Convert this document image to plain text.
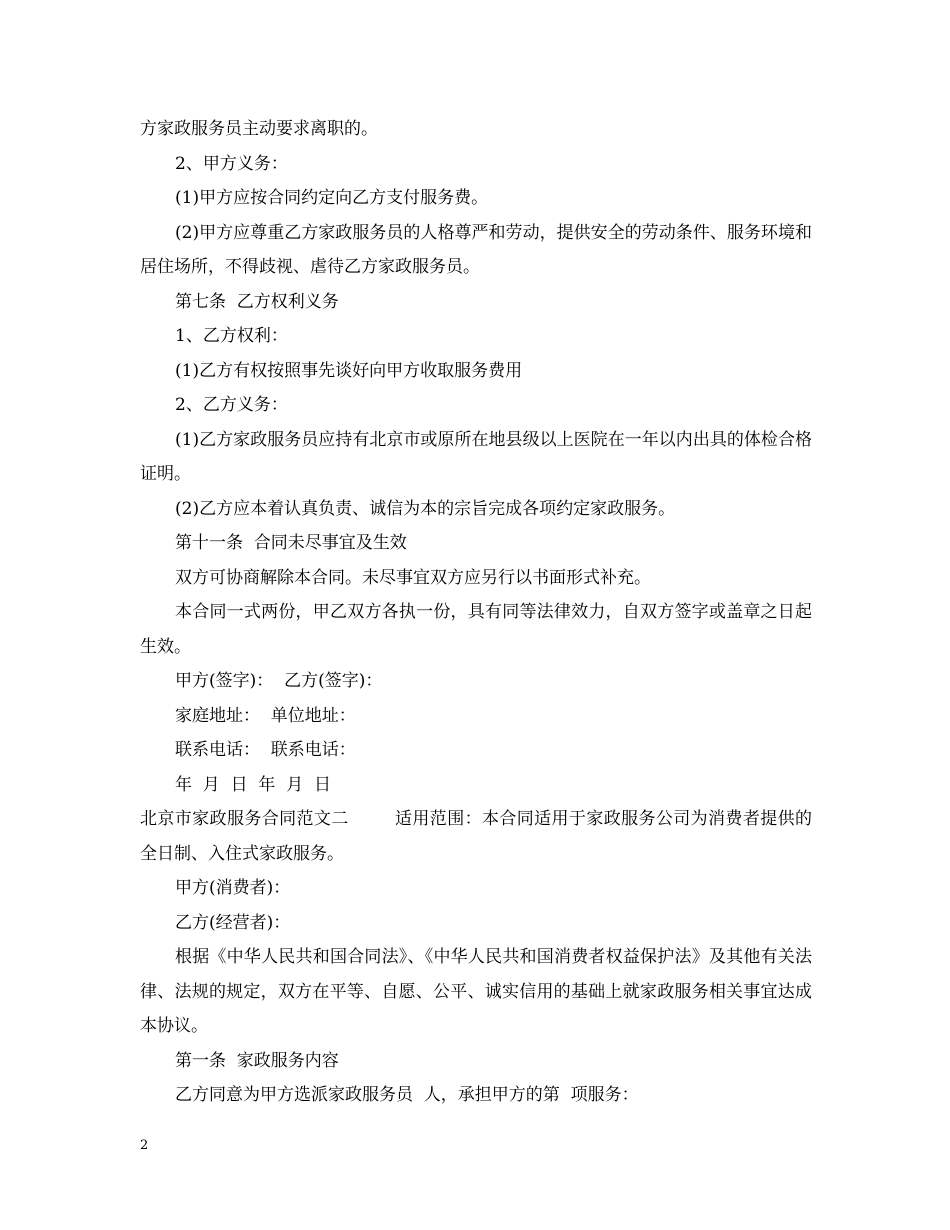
方家政服务员主动要求离职的。

2、甲方义务：

(1)甲方应按合同约定向乙方支付服务费。

(2)甲方应尊重乙方家政服务员的人格尊严和劳动，提供安全的劳动条件、服务环境和居住场所，不得歧视、虐待乙方家政服务员。

第七条  乙方权利义务

1、乙方权利：

(1)乙方有权按照事先谈好向甲方收取服务费用

2、乙方义务：

(1)乙方家政服务员应持有北京市或原所在地县级以上医院在一年以内出具的体检合格证明。

(2)乙方应本着认真负责、诚信为本的宗旨完成各项约定家政服务。

第十一条  合同未尽事宜及生效

双方可协商解除本合同。未尽事宜双方应另行以书面形式补充。

本合同一式两份，甲乙双方各执一份，具有同等法律效力，自双方签字或盖章之日起生效。

甲方(签字)：  乙方(签字)：

家庭地址：  单位地址：

联系电话：  联系电话：

年  月  日  年  月  日

北京市家政服务合同范文二        适用范围：本合同适用于家政服务公司为消费者提供的全日制、入住式家政服务。

甲方(消费者)：

乙方(经营者)：

根据《中华人民共和国合同法》、《中华人民共和国消费者权益保护法》及其他有关法律、法规的规定，双方在平等、自愿、公平、诚实信用的基础上就家政服务相关事宜达成本协议。

第一条  家政服务内容

乙方同意为甲方选派家政服务员  人，承担甲方的第  项服务：

2
